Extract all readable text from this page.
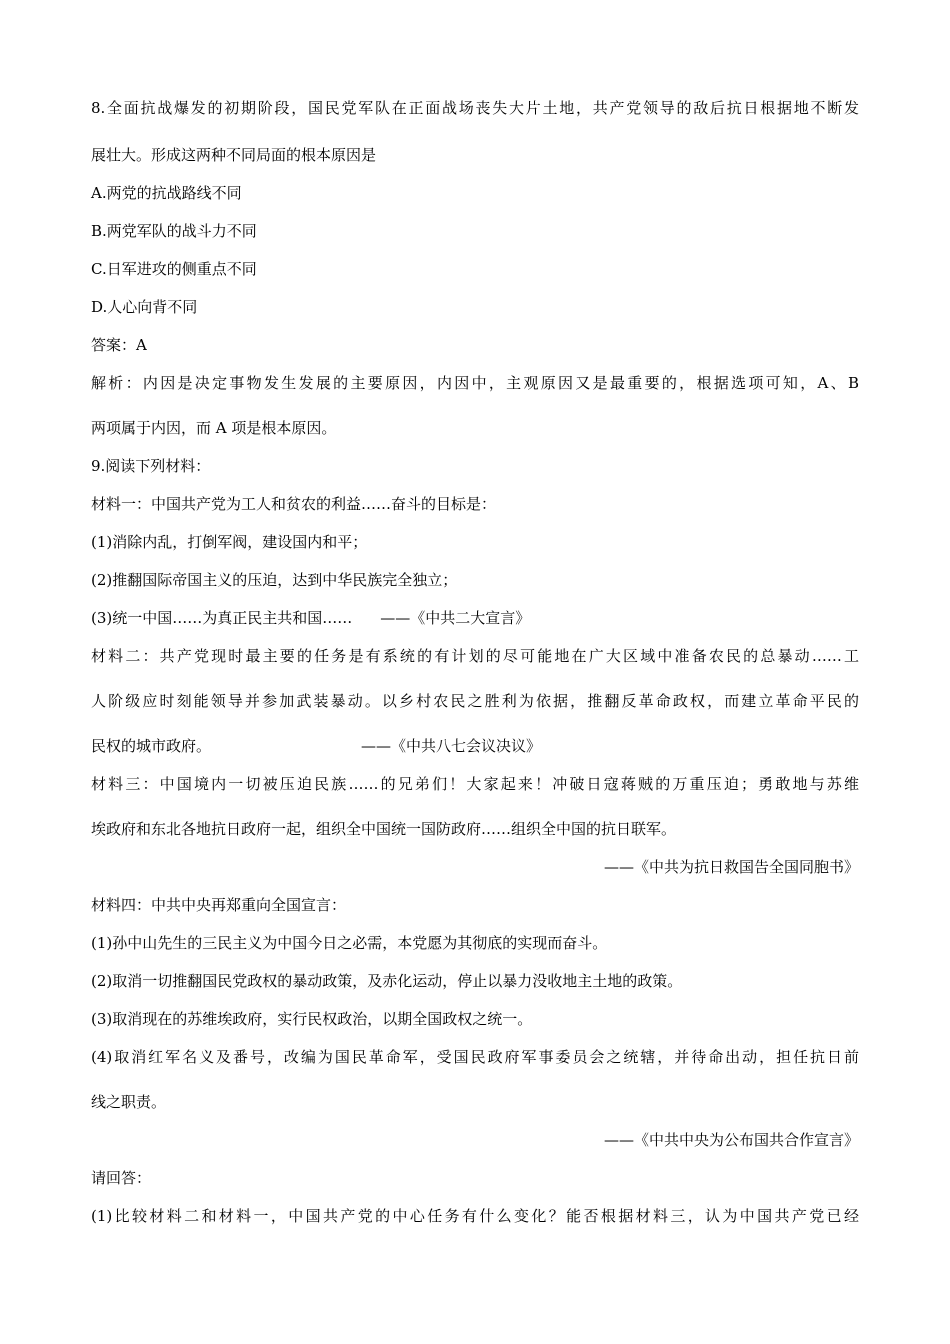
8.全面抗战爆发的初期阶段，国民党军队在正面战场丧失大片土地，共产党领导的敌后抗日根据地不断发
展壮大。形成这两种不同局面的根本原因是
A.两党的抗战路线不同
B.两党军队的战斗力不同
C.日军进攻的侧重点不同
D.人心向背不同
答案：A
解析：内因是决定事物发生发展的主要原因，内因中，主观原因又是最重要的，根据选项可知，A、B
两项属于内因，而 A 项是根本原因。
9.阅读下列材料：
材料一：中国共产党为工人和贫农的利益……奋斗的目标是：
(1)消除内乱，打倒军阀，建设国内和平；
(2)推翻国际帝国主义的压迫，达到中华民族完全独立；
(3)统一中国……为真正民主共和国…… ——《中共二大宣言》
材料二：共产党现时最主要的任务是有系统的有计划的尽可能地在广大区域中准备农民的总暴动……工
人阶级应时刻能领导并参加武装暴动。以乡村农民之胜利为依据，推翻反革命政权，而建立革命平民的
民权的城市政府。	——《中共八七会议决议》
材料三：中国境内一切被压迫民族……的兄弟们！大家起来！冲破日寇蒋贼的万重压迫；勇敢地与苏维
埃政府和东北各地抗日政府一起，组织全中国统一国防政府……组织全中国的抗日联军。
——《中共为抗日救国告全国同胞书》
材料四：中共中央再郑重向全国宣言：
(1)孙中山先生的三民主义为中国今日之必需，本党愿为其彻底的实现而奋斗。
(2)取消一切推翻国民党政权的暴动政策，及赤化运动，停止以暴力没收地主土地的政策。
(3)取消现在的苏维埃政府，实行民权政治，以期全国政权之统一。
(4)取消红军名义及番号，改编为国民革命军，受国民政府军事委员会之统辖，并待命出动，担任抗日前
线之职责。
——《中共中央为公布国共合作宣言》
请回答：
(1)比较材料二和材料一，中国共产党的中心任务有什么变化？能否根据材料三，认为中国共产党已经
